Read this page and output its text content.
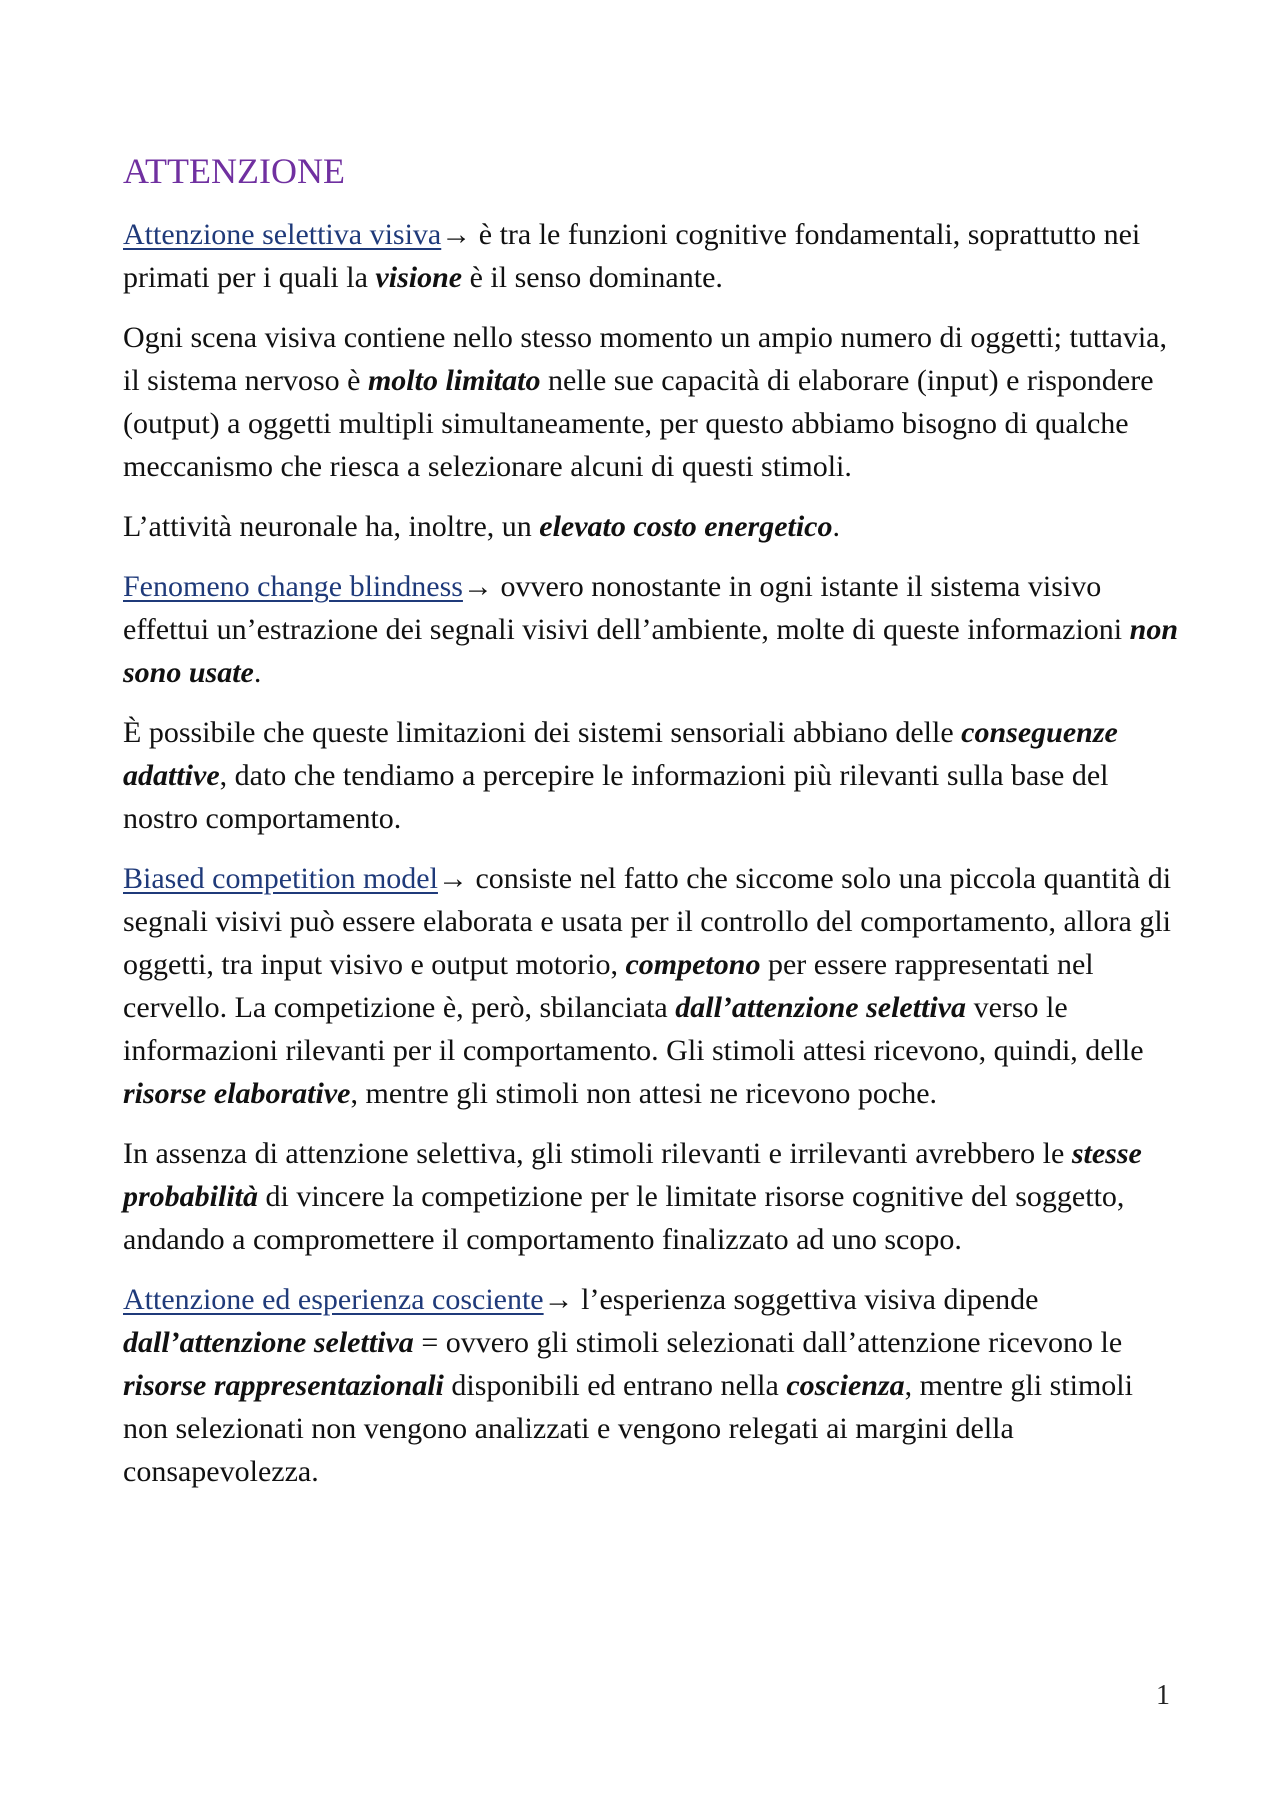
ATTENZIONE

Attenzione selettiva visiva→ è tra le funzioni cognitive fondamentali, soprattutto nei primati per i quali la visione è il senso dominante.

Ogni scena visiva contiene nello stesso momento un ampio numero di oggetti; tuttavia, il sistema nervoso è molto limitato nelle sue capacità di elaborare (input) e rispondere (output) a oggetti multipli simultaneamente, per questo abbiamo bisogno di qualche meccanismo che riesca a selezionare alcuni di questi stimoli.

L’attività neuronale ha, inoltre, un elevato costo energetico.

Fenomeno change blindness→ ovvero nonostante in ogni istante il sistema visivo effettui un’estrazione dei segnali visivi dell’ambiente, molte di queste informazioni non sono usate.

È possibile che queste limitazioni dei sistemi sensoriali abbiano delle conseguenze adattive, dato che tendiamo a percepire le informazioni più rilevanti sulla base del nostro comportamento.

Biased competition model→ consiste nel fatto che siccome solo una piccola quantità di segnali visivi può essere elaborata e usata per il controllo del comportamento, allora gli oggetti, tra input visivo e output motorio, competono per essere rappresentati nel cervello. La competizione è, però, sbilanciata dall’attenzione selettiva verso le informazioni rilevanti per il comportamento. Gli stimoli attesi ricevono, quindi, delle risorse elaborative, mentre gli stimoli non attesi ne ricevono poche.

In assenza di attenzione selettiva, gli stimoli rilevanti e irrilevanti avrebbero le stesse probabilità di vincere la competizione per le limitate risorse cognitive del soggetto, andando a compromettere il comportamento finalizzato ad uno scopo.

Attenzione ed esperienza cosciente→ l’esperienza soggettiva visiva dipende dall’attenzione selettiva = ovvero gli stimoli selezionati dall’attenzione ricevono le risorse rappresentazionali disponibili ed entrano nella coscienza, mentre gli stimoli non selezionati non vengono analizzati e vengono relegati ai margini della consapevolezza.

1
